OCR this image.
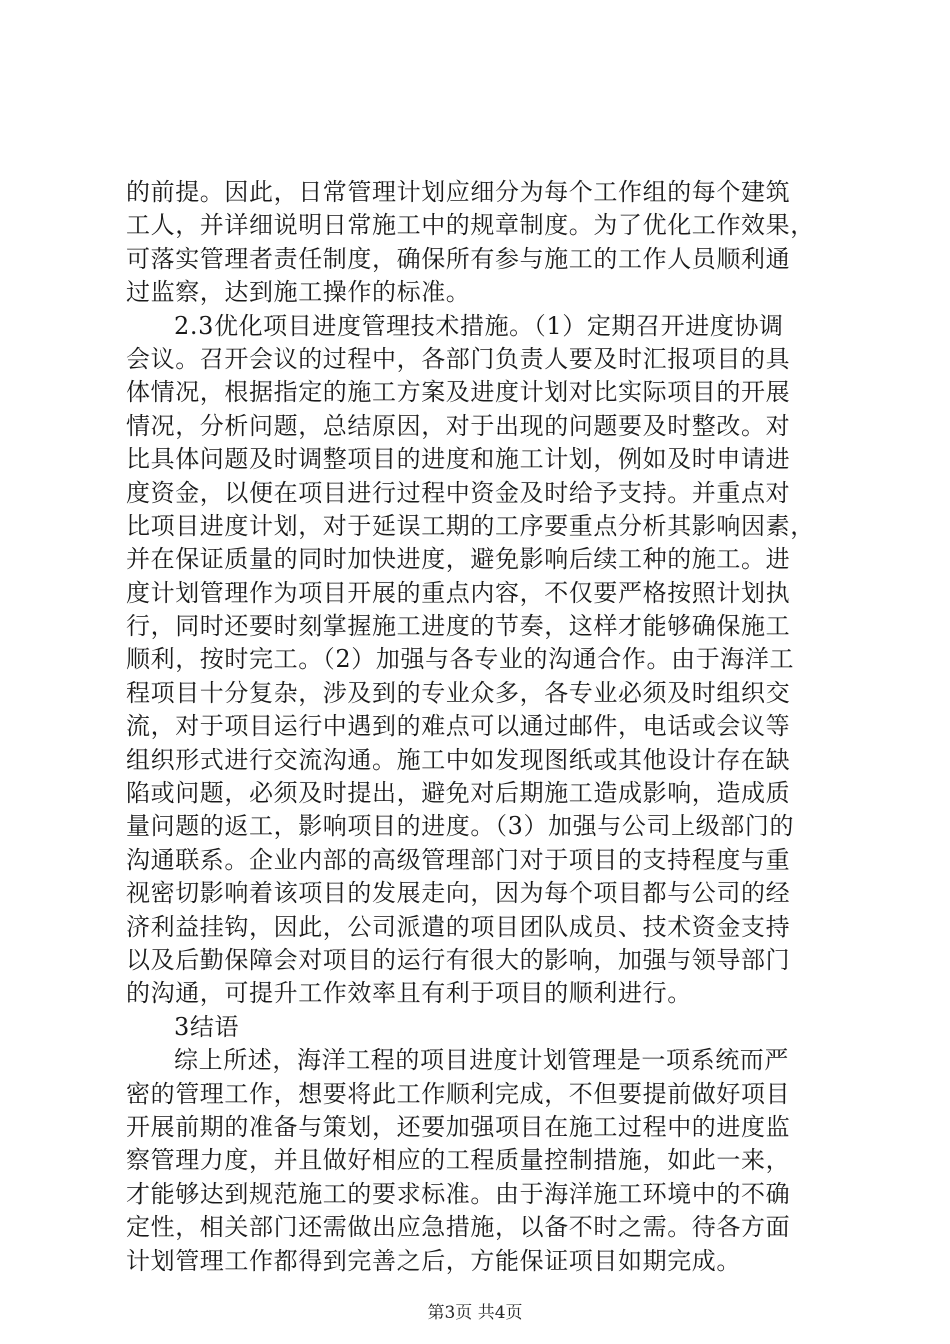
的前提。因此，日常管理计划应细分为每个工作组的每个建筑
工人，并详细说明日常施工中的规章制度。为了优化工作效果，
可落实管理者责任制度，确保所有参与施工的工作人员顺利通
过监察，达到施工操作的标准。
2.3优化项目进度管理技术措施。（1）定期召开进度协调
会议。召开会议的过程中，各部门负责人要及时汇报项目的具
体情况，根据指定的施工方案及进度计划对比实际项目的开展
情况，分析问题，总结原因，对于出现的问题要及时整改。对
比具体问题及时调整项目的进度和施工计划，例如及时申请进
度资金，以便在项目进行过程中资金及时给予支持。并重点对
比项目进度计划，对于延误工期的工序要重点分析其影响因素，
并在保证质量的同时加快进度，避免影响后续工种的施工。进
度计划管理作为项目开展的重点内容，不仅要严格按照计划执
行，同时还要时刻掌握施工进度的节奏，这样才能够确保施工
顺利，按时完工。（2）加强与各专业的沟通合作。由于海洋工
程项目十分复杂，涉及到的专业众多，各专业必须及时组织交
流，对于项目运行中遇到的难点可以通过邮件，电话或会议等
组织形式进行交流沟通。施工中如发现图纸或其他设计存在缺
陷或问题，必须及时提出，避免对后期施工造成影响，造成质
量问题的返工，影响项目的进度。（3）加强与公司上级部门的
沟通联系。企业内部的高级管理部门对于项目的支持程度与重
视密切影响着该项目的发展走向，因为每个项目都与公司的经
济利益挂钩，因此，公司派遣的项目团队成员、技术资金支持
以及后勤保障会对项目的运行有很大的影响，加强与领导部门
的沟通，可提升工作效率且有利于项目的顺利进行。
3结语
综上所述，海洋工程的项目进度计划管理是一项系统而严
密的管理工作，想要将此工作顺利完成，不但要提前做好项目
开展前期的准备与策划，还要加强项目在施工过程中的进度监
察管理力度，并且做好相应的工程质量控制措施，如此一来，
才能够达到规范施工的要求标准。由于海洋施工环境中的不确
定性，相关部门还需做出应急措施，以备不时之需。待各方面
计划管理工作都得到完善之后，方能保证项目如期完成。
第3页 共4页
